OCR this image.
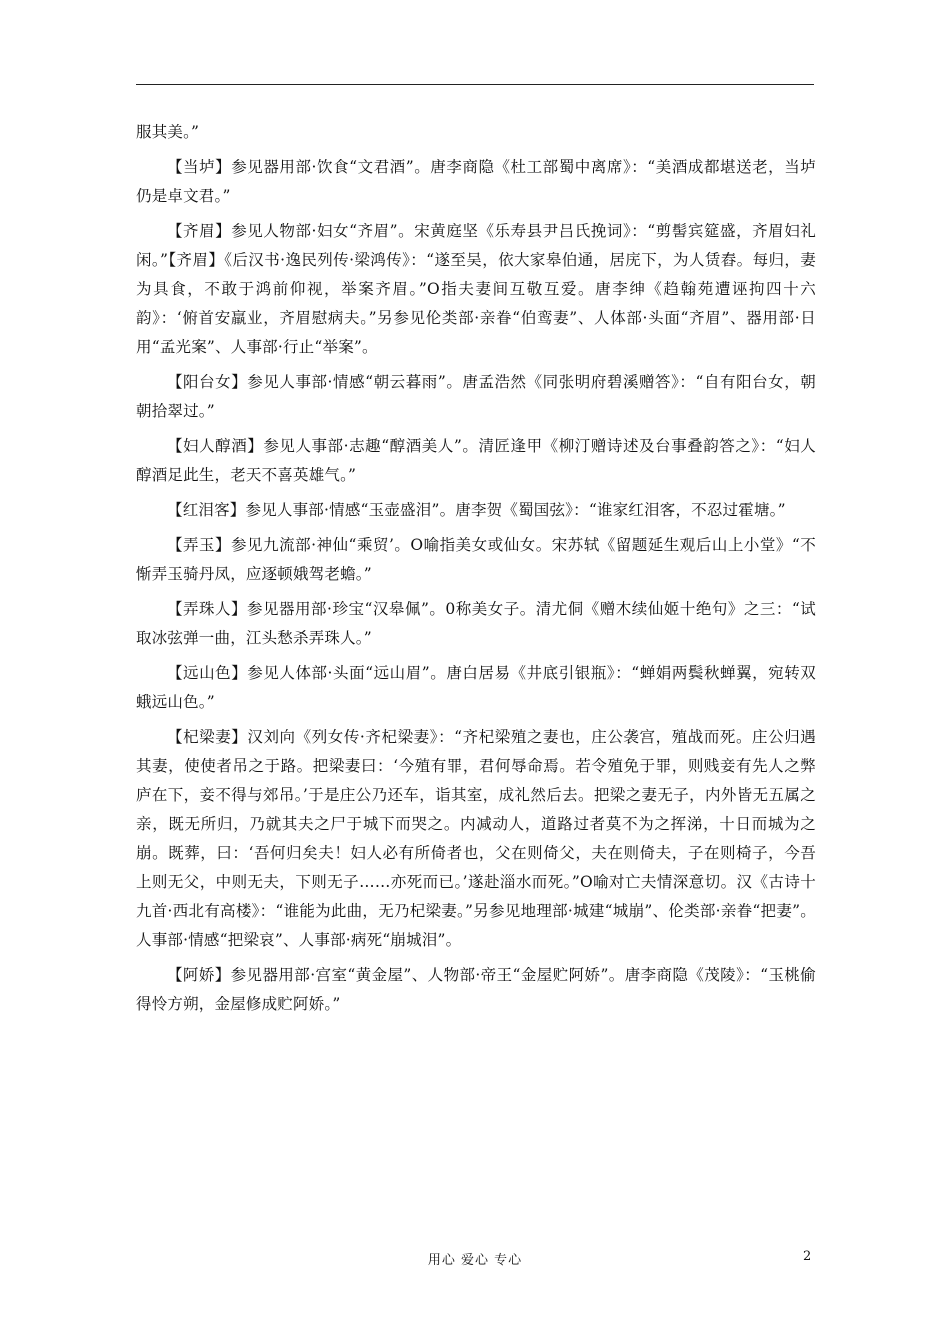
服其美。”

【当垆】参见器用部·饮食“文君酒”。唐李商隐《杜工部蜀中离席》：“美酒成都堪送老，当垆仍是卓文君。”

【齐眉】参见人物部·妇女“齐眉”。宋黄庭坚《乐寿县尹吕氏挽词》：“剪髻宾筵盛，齐眉妇礼闲。”【齐眉】《后汉书·逸民列传·梁鸿传》：“遂至吴，依大家皋伯通，居庑下，为人赁舂。每归，妻为具食，不敢于鸿前仰视，举案齐眉。”O指夫妻间互敬互爱。唐李绅《趋翰苑遭诬拘四十六韵》：‘俯首安羸业，齐眉慰病夫。”另参见伦类部·亲眷“伯鸾妻”、人体部·头面“齐眉”、器用部·日用“孟光案”、人事部·行止“举案”。

【阳台女】参见人事部·情感“朝云暮雨”。唐孟浩然《同张明府碧溪赠答》：“自有阳台女，朝朝拾翠过。”

【妇人醇酒】参见人事部·志趣“醇酒美人”。清匠逢甲《柳汀赠诗述及台事叠韵答之》：“妇人醇酒足此生，老天不喜英雄气。”

【红泪客】参见人事部·情感“玉壶盛泪”。唐李贺《蜀国弦》：“谁家红泪客，不忍过霍塘。”

【弄玉】参见九流部·神仙“乘贸’。O喻指美女或仙女。宋苏轼《留题延生观后山上小堂》“不惭弄玉骑丹凤，应逐顿娥驾老蟾。”

【弄珠人】参见器用部·珍宝“汉皋佩”。0称美女子。清尤侗《赠木续仙姬十绝句》之三：“试取冰弦弹一曲，江头愁杀弄珠人。”

【远山色】参见人体部·头面“远山眉”。唐白居易《井底引银瓶》：“蝉娟两鬓秋蝉翼，宛转双蛾远山色。”

【杞梁妻】汉刘向《列女传·齐杞梁妻》：“齐杞梁殖之妻也，庄公袭宫，殖战而死。庄公归遇其妻，使使者吊之于路。把梁妻曰：‘今殖有罪，君何辱命焉。若令殖免于罪，则贱妾有先人之弊庐在下，妾不得与郊吊。’于是庄公乃还车，诣其室，成礼然后去。把梁之妻无子，内外皆无五属之亲，既无所归，乃就其夫之尸于城下而哭之。内减动人，道路过者莫不为之挥涕，十日而城为之崩。既葬，曰：‘吾何归矣夫！妇人必有所倚者也，父在则倚父，夫在则倚夫，子在则椅子，今吾上则无父，中则无夫，下则无子……亦死而已。’遂赴淄水而死。”O喻对亡夫情深意切。汉《古诗十九首·西北有高楼》：“谁能为此曲，无乃杞梁妻。”另参见地理部·城建“城崩”、伦类部·亲眷“把妻”。人事部·情感“把梁哀”、人事部·病死“崩城泪”。

【阿娇】参见器用部·宫室“黄金屋”、人物部·帝王“金屋贮阿娇”。唐李商隐《茂陵》：“玉桃偷得怜方朔，金屋修成贮阿娇。”

用心 爱心 专心	2
